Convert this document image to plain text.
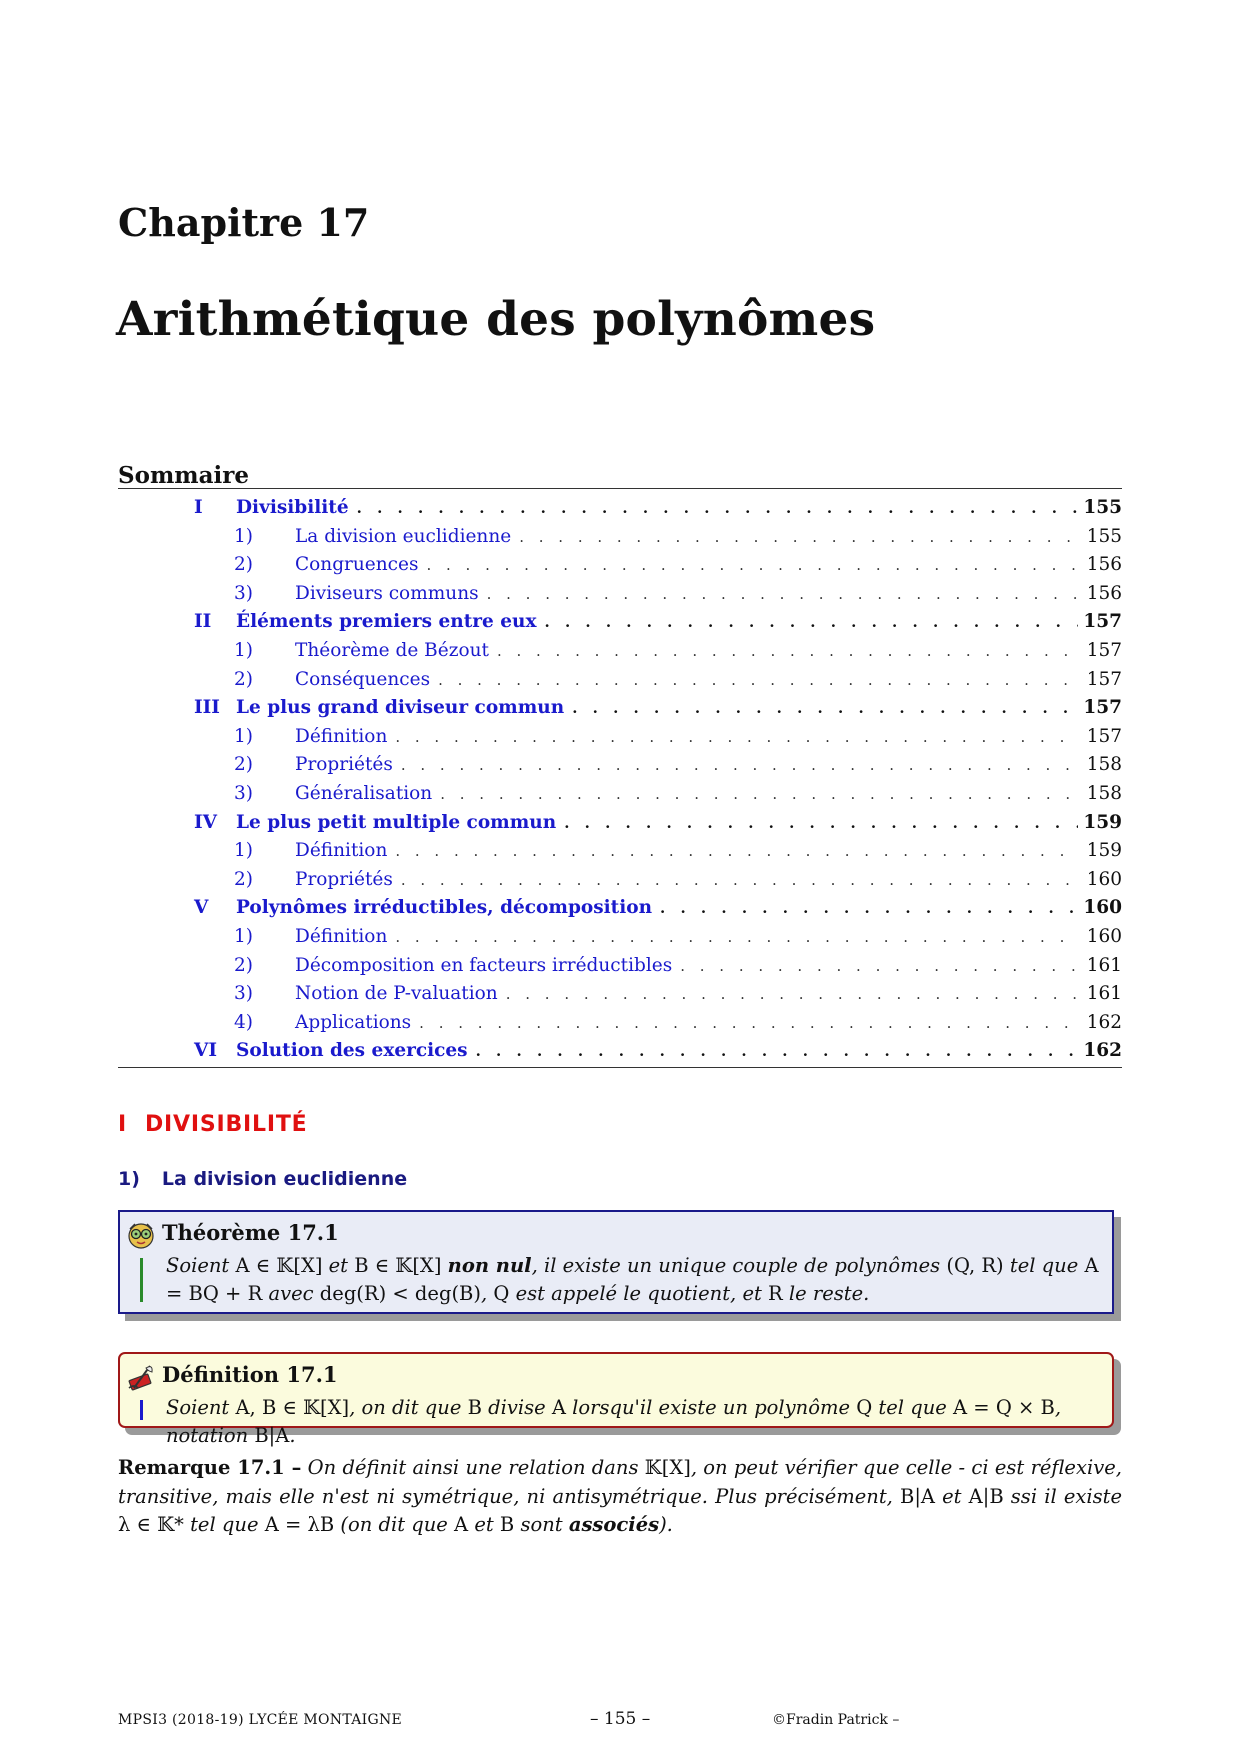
Chapitre 17
Arithmétique des polynômes
Sommaire
I Divisibilité . . .	155
1) La division euclidienne . . .	155
2) Congruences . . .	156
3) Diviseurs communs . . .	156
II Éléments premiers entre eux . . .	157
1) Théorème de Bézout . . .	157
2) Conséquences . . .	157
III Le plus grand diviseur commun . . .	157
1) Définition . . .	157
2) Propriétés . . .	158
3) Généralisation . . .	158
IV Le plus petit multiple commun . . .	159
1) Définition . . .	159
2) Propriétés . . .	160
V Polynômes irréductibles, décomposition . . .	160
1) Définition . . .	160
2) Décomposition en facteurs irréductibles . . .	161
3) Notion de P-valuation . . .	161
4) Applications . . .	162
VI Solution des exercices . . .	162
I DIVISIBILITÉ
1) La division euclidienne
Théorème 17.1
Soient A ∈ 𝕂[X] et B ∈ 𝕂[X] non nul, il existe un unique couple de polynômes (Q, R) tel que A = BQ + R avec deg(R) < deg(B), Q est appelé le quotient, et R le reste.
Définition 17.1
Soient A, B ∈ 𝕂[X], on dit que B divise A lorsqu'il existe un polynôme Q tel que A = Q × B, notation B|A.
Remarque 17.1 – On définit ainsi une relation dans 𝕂[X], on peut vérifier que celle - ci est réflexive, transitive, mais elle n'est ni symétrique, ni antisymétrique. Plus précisément, B|A et A|B ssi il existe λ ∈ 𝕂* tel que A = λB (on dit que A et B sont associés).
MPSI3 (2018-19) LYCÉE MONTAIGNE	– 155 –	©Fradin Patrick –
